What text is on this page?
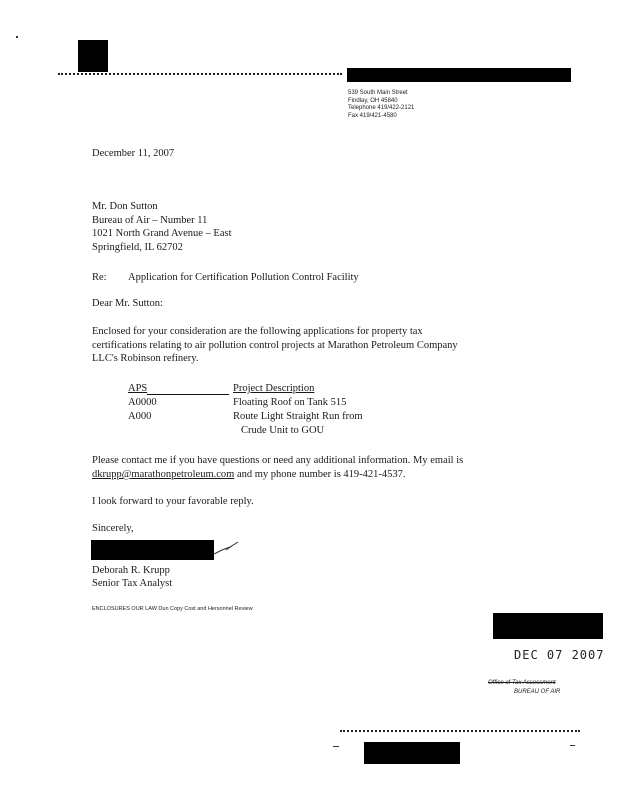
539 South Main Street
Findlay, OH 45840
Telephone 419/422-2121
Fax 419/421-4580
December 11, 2007
Mr. Don Sutton
Bureau of Air – Number 11
1021 North Grand Avenue – East
Springfield, IL 62702
Re: Application for Certification Pollution Control Facility
Dear Mr. Sutton:
Enclosed for your consideration are the following applications for property tax
certifications relating to air pollution control projects at Marathon Petroleum Company
LLC's Robinson refinery.
APS	Project Description
A0000	Floating Roof on Tank 515
A000	Route Light Straight Run from
Crude Unit to GOU
Please contact me if you have questions or need any additional information. My email is
dkrupp@marathonpetroleum.com and my phone number is 419-421-4537.
I look forward to your favorable reply.
Sincerely,
Deborah R. Krupp
Senior Tax Analyst
ENCLOSURES OUR LAW Dun Copy Cost and Hersonnel Review
DEC 07 2007
Office of Tax Assessment
BUREAU OF AIR
